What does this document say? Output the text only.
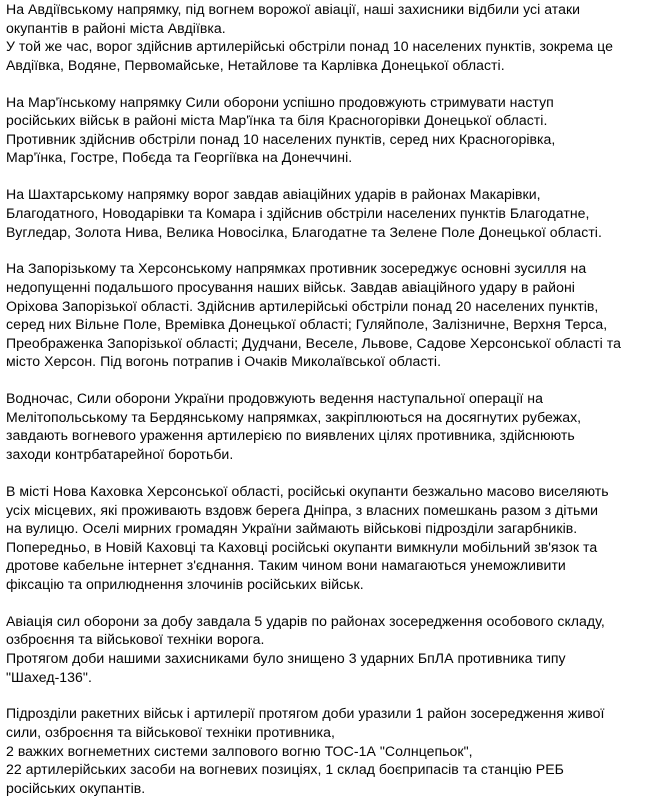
На Авдіївському напрямку, під вогнем ворожої авіації, наші захисники відбили усі атаки
окупантів в районі міста Авдіївка.
У той же час, ворог здійснив артилерійські обстріли понад 10 населених пунктів, зокрема це
Авдіївка, Водяне, Первомайське, Нетайлове та Карлівка Донецької області.
На Мар'їнському напрямку Сили оборони успішно продовжують стримувати наступ
російських військ в районі міста Мар'їнка та біля Красногорівки Донецької області.
Противник здійснив обстріли понад 10 населених пунктів, серед них Красногорівка,
Мар'їнка, Гостре, Побєда та Георгіївка на Донеччині.
На Шахтарському напрямку ворог завдав авіаційних ударів в районах Макарівки,
Благодатного, Новодарівки та Комара і здійснив обстріли населених пунктів Благодатне,
Вугледар, Золота Нива, Велика Новосілка, Благодатне та Зелене Поле Донецької області.
На Запорізькому та Херсонському напрямках противник зосереджує основні зусилля на
недопущенні подальшого просування наших військ. Завдав авіаційного удару в районі
Оріхова Запорізької області. Здійснив артилерійські обстріли понад 20 населених пунктів,
серед них Вільне Поле, Времівка Донецької області; Гуляйполе, Залізничне, Верхня Терса,
Преображенка Запорізької області; Дудчани, Веселе, Львове, Садове Херсонської області та
місто Херсон. Під вогонь потрапив і Очаків Миколаївської області.
Водночас, Сили оборони України продовжують ведення наступальної операції на
Мелітопольському та Бердянському напрямках, закріплюються на досягнутих рубежах,
завдають вогневого ураження артилерією по виявлених цілях противника, здійснюють
заходи контрбатарейної боротьби.
В місті Нова Каховка Херсонської області, російські окупанти безжально масово виселяють
усіх місцевих, які проживають вздовж берега Дніпра, з власних помешкань разом з дітьми
на вулицю. Оселі мирних громадян України займають військові підрозділи загарбників.
Попередньо, в Новій Каховці та Каховці російські окупанти вимкнули мобільний зв'язок та
дротове кабельне інтернет з'єднання. Таким чином вони намагаються унеможливити
фіксацію та оприлюднення злочинів російських військ.
Авіація сил оборони за добу завдала 5 ударів по районах зосередження особового складу,
озброєння та військової техніки ворога.
Протягом доби нашими захисниками було знищено 3 ударних БпЛА противника типу
"Шахед-136".
Підрозділи ракетних військ і артилерії протягом доби уразили 1 район зосередження живої
сили, озброєння та військової техніки противника,
2 важких вогнеметних системи залпового вогню ТОС-1А "Солнцепьок",
22 артилерійських засоби на вогневих позиціях, 1 склад боєприпасів та станцію РЕБ
російських окупантів.
